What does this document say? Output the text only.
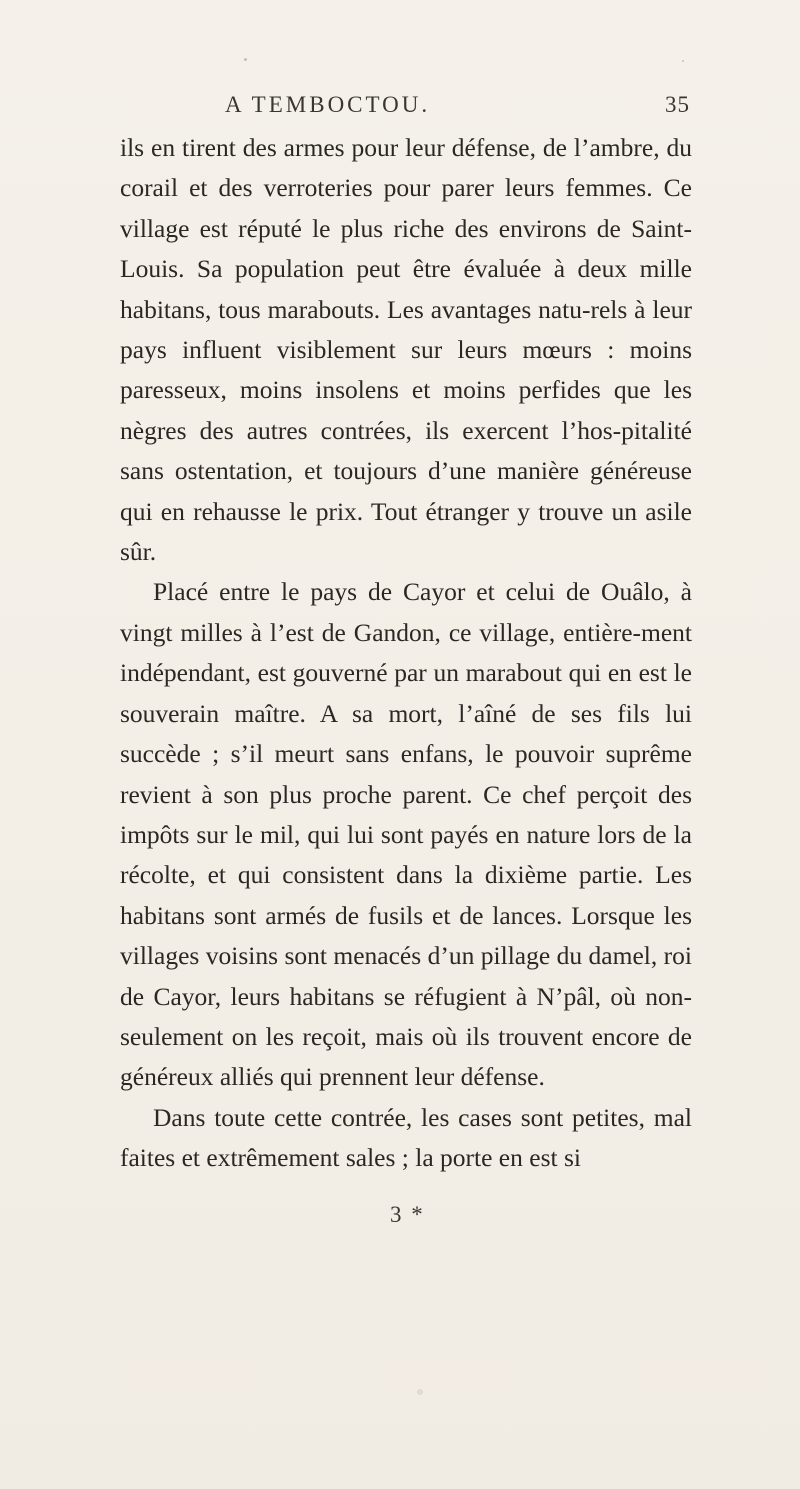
A TEMBOCTOU.	35

ils en tirent des armes pour leur défense, de l’ambre, du corail et des verroteries pour parer leurs femmes. Ce village est réputé le plus riche des environs de Saint-Louis. Sa population peut être évaluée à deux mille habitans, tous marabouts. Les avantages natu-rels à leur pays influent visiblement sur leurs mœurs : moins paresseux, moins insolens et moins perfides que les nègres des autres contrées, ils exercent l’hos-pitalité sans ostentation, et toujours d’une manière généreuse qui en rehausse le prix. Tout étranger y trouve un asile sûr.

Placé entre le pays de Cayor et celui de Ouâlo, à vingt milles à l’est de Gandon, ce village, entière-ment indépendant, est gouverné par un marabout qui en est le souverain maître. A sa mort, l’aîné de ses fils lui succède ; s’il meurt sans enfans, le pouvoir suprême revient à son plus proche parent. Ce chef perçoit des impôts sur le mil, qui lui sont payés en nature lors de la récolte, et qui consistent dans la dixième partie. Les habitans sont armés de fusils et de lances. Lorsque les villages voisins sont menacés d’un pillage du damel, roi de Cayor, leurs habitans se réfugient à N’pâl, où non-seulement on les reçoit, mais où ils trouvent encore de généreux alliés qui prennent leur défense.

Dans toute cette contrée, les cases sont petites, mal faites et extrêmement sales ; la porte en est si

3 *
